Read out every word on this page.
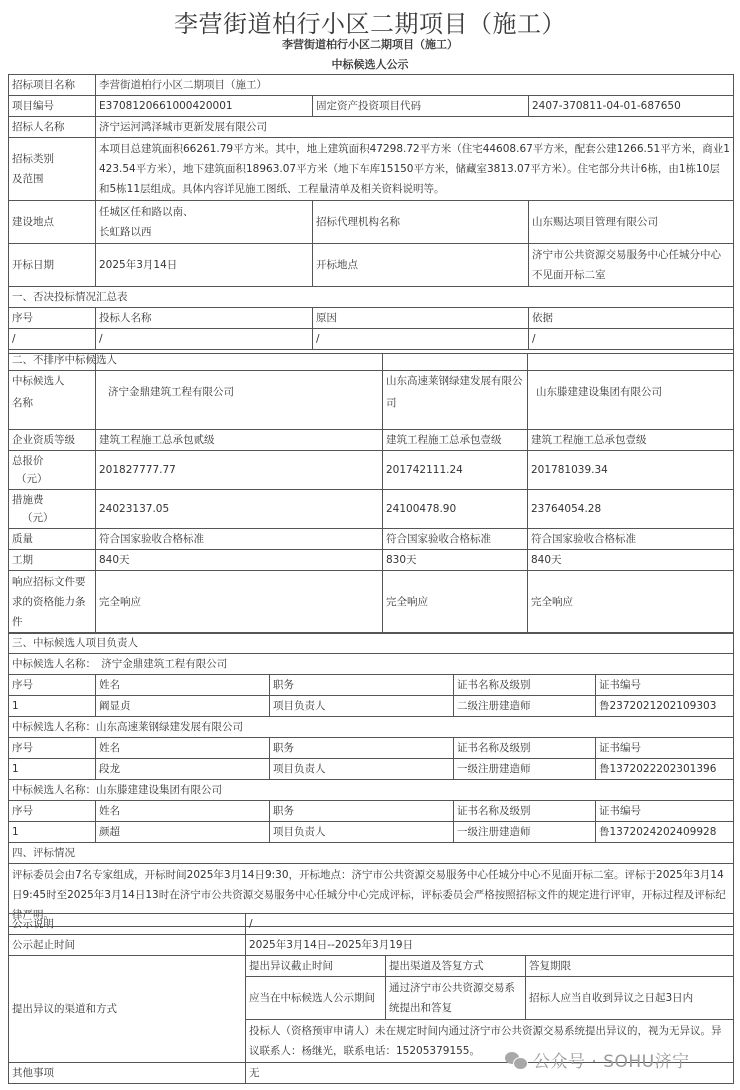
李营街道柏行小区二期项目（施工）
李营街道柏行小区二期项目（施工）
中标候选人公示
招标项目名称	李营街道柏行小区二期项目（施工）		
项目编号	E3708120661000420001	固定资产投资项目代码	2407-370811-04-01-687650
招标人名称	济宁运河鸿泽城市更新发展有限公司		
招标类别
及范围	本项目总建筑面积66261.79平方米。其中，地上建筑面积47298.72平方米（住宅44608.67平方米，配套公建1266.51平方米，商业1423.54平方米），地下建筑面积18963.07平方米（地下车库15150平方米，储藏室3813.07平方米）。住宅部分共计6栋，由1栋10层和5栋11层组成。具体内容详见施工图纸、工程量清单及相关资料说明等。		
建设地点	任城区任和路以南、
长虹路以西	招标代理机构名称	山东赐达项目管理有限公司
开标日期	2025年3月14日	开标地点	济宁市公共资源交易服务中心任城分中心不见面开标二室
一、否决投标情况汇总表			
序号	投标人名称	原因	依据
/	/	/	/
二、不排序中标候选人			
中标候选人
名称	济宁金鼎建筑工程有限公司	山东高速莱钢绿建发展有限公司	山东滕建建设集团有限公司
企业资质等级	建筑工程施工总承包贰级	建筑工程施工总承包壹级	建筑工程施工总承包壹级
总报价
（元）	201827777.77	201742111.24	201781039.34
措施费
（元）	24023137.05	24100478.90	23764054.28
质量	符合国家验收合格标准	符合国家验收合格标准	符合国家验收合格标准
工期	840天	830天	840天
响应招标文件要求的资格能力条件	完全响应	完全响应	完全响应
三、中标候选人项目负责人				
中标候选人名称：　济宁金鼎建筑工程有限公司				
序号	姓名	职务	证书名称及级别	证书编号
1	阚显贞	项目负责人	二级注册建造师	鲁2372021202109303
中标候选人名称：山东高速莱钢绿建发展有限公司				
序号	姓名	职务	证书名称及级别	证书编号
1	段龙	项目负责人	一级注册建造师	鲁1372022202301396
中标候选人名称：山东滕建建设集团有限公司				
序号	姓名	职务	证书名称及级别	证书编号
1	颜超	项目负责人	一级注册建造师	鲁1372024202409928
四、评标情况				
评标委员会由7名专家组成，开标时间2025年3月14日9:30，开标地点：济宁市公共资源交易服务中心任城分中心不见面开标二室。评标于2025年3月14日9:45时至2025年3月14日13时在济宁市公共资源交易服务中心任城分中心完成评标，评标委员会严格按照招标文件的规定进行评审，开标过程及评标纪律严明。				
公示说明	/		
公示起止时间	2025年3月14日--2025年3月19日		
提出异议的渠道和方式	提出异议截止时间	提出渠道及答复方式	答复期限
	应当在中标候选人公示期间	通过济宁市公共资源交易系统提出和答复	招标人应当自收到异议之日起3日内
	投标人（资格预审申请人）未在规定时间内通过济宁市公共资源交易系统提出异议的，视为无异议。异议联系人：杨继光，联系电话：15205379155。		
其他事项	无		
公众号 · SOHU济宁
